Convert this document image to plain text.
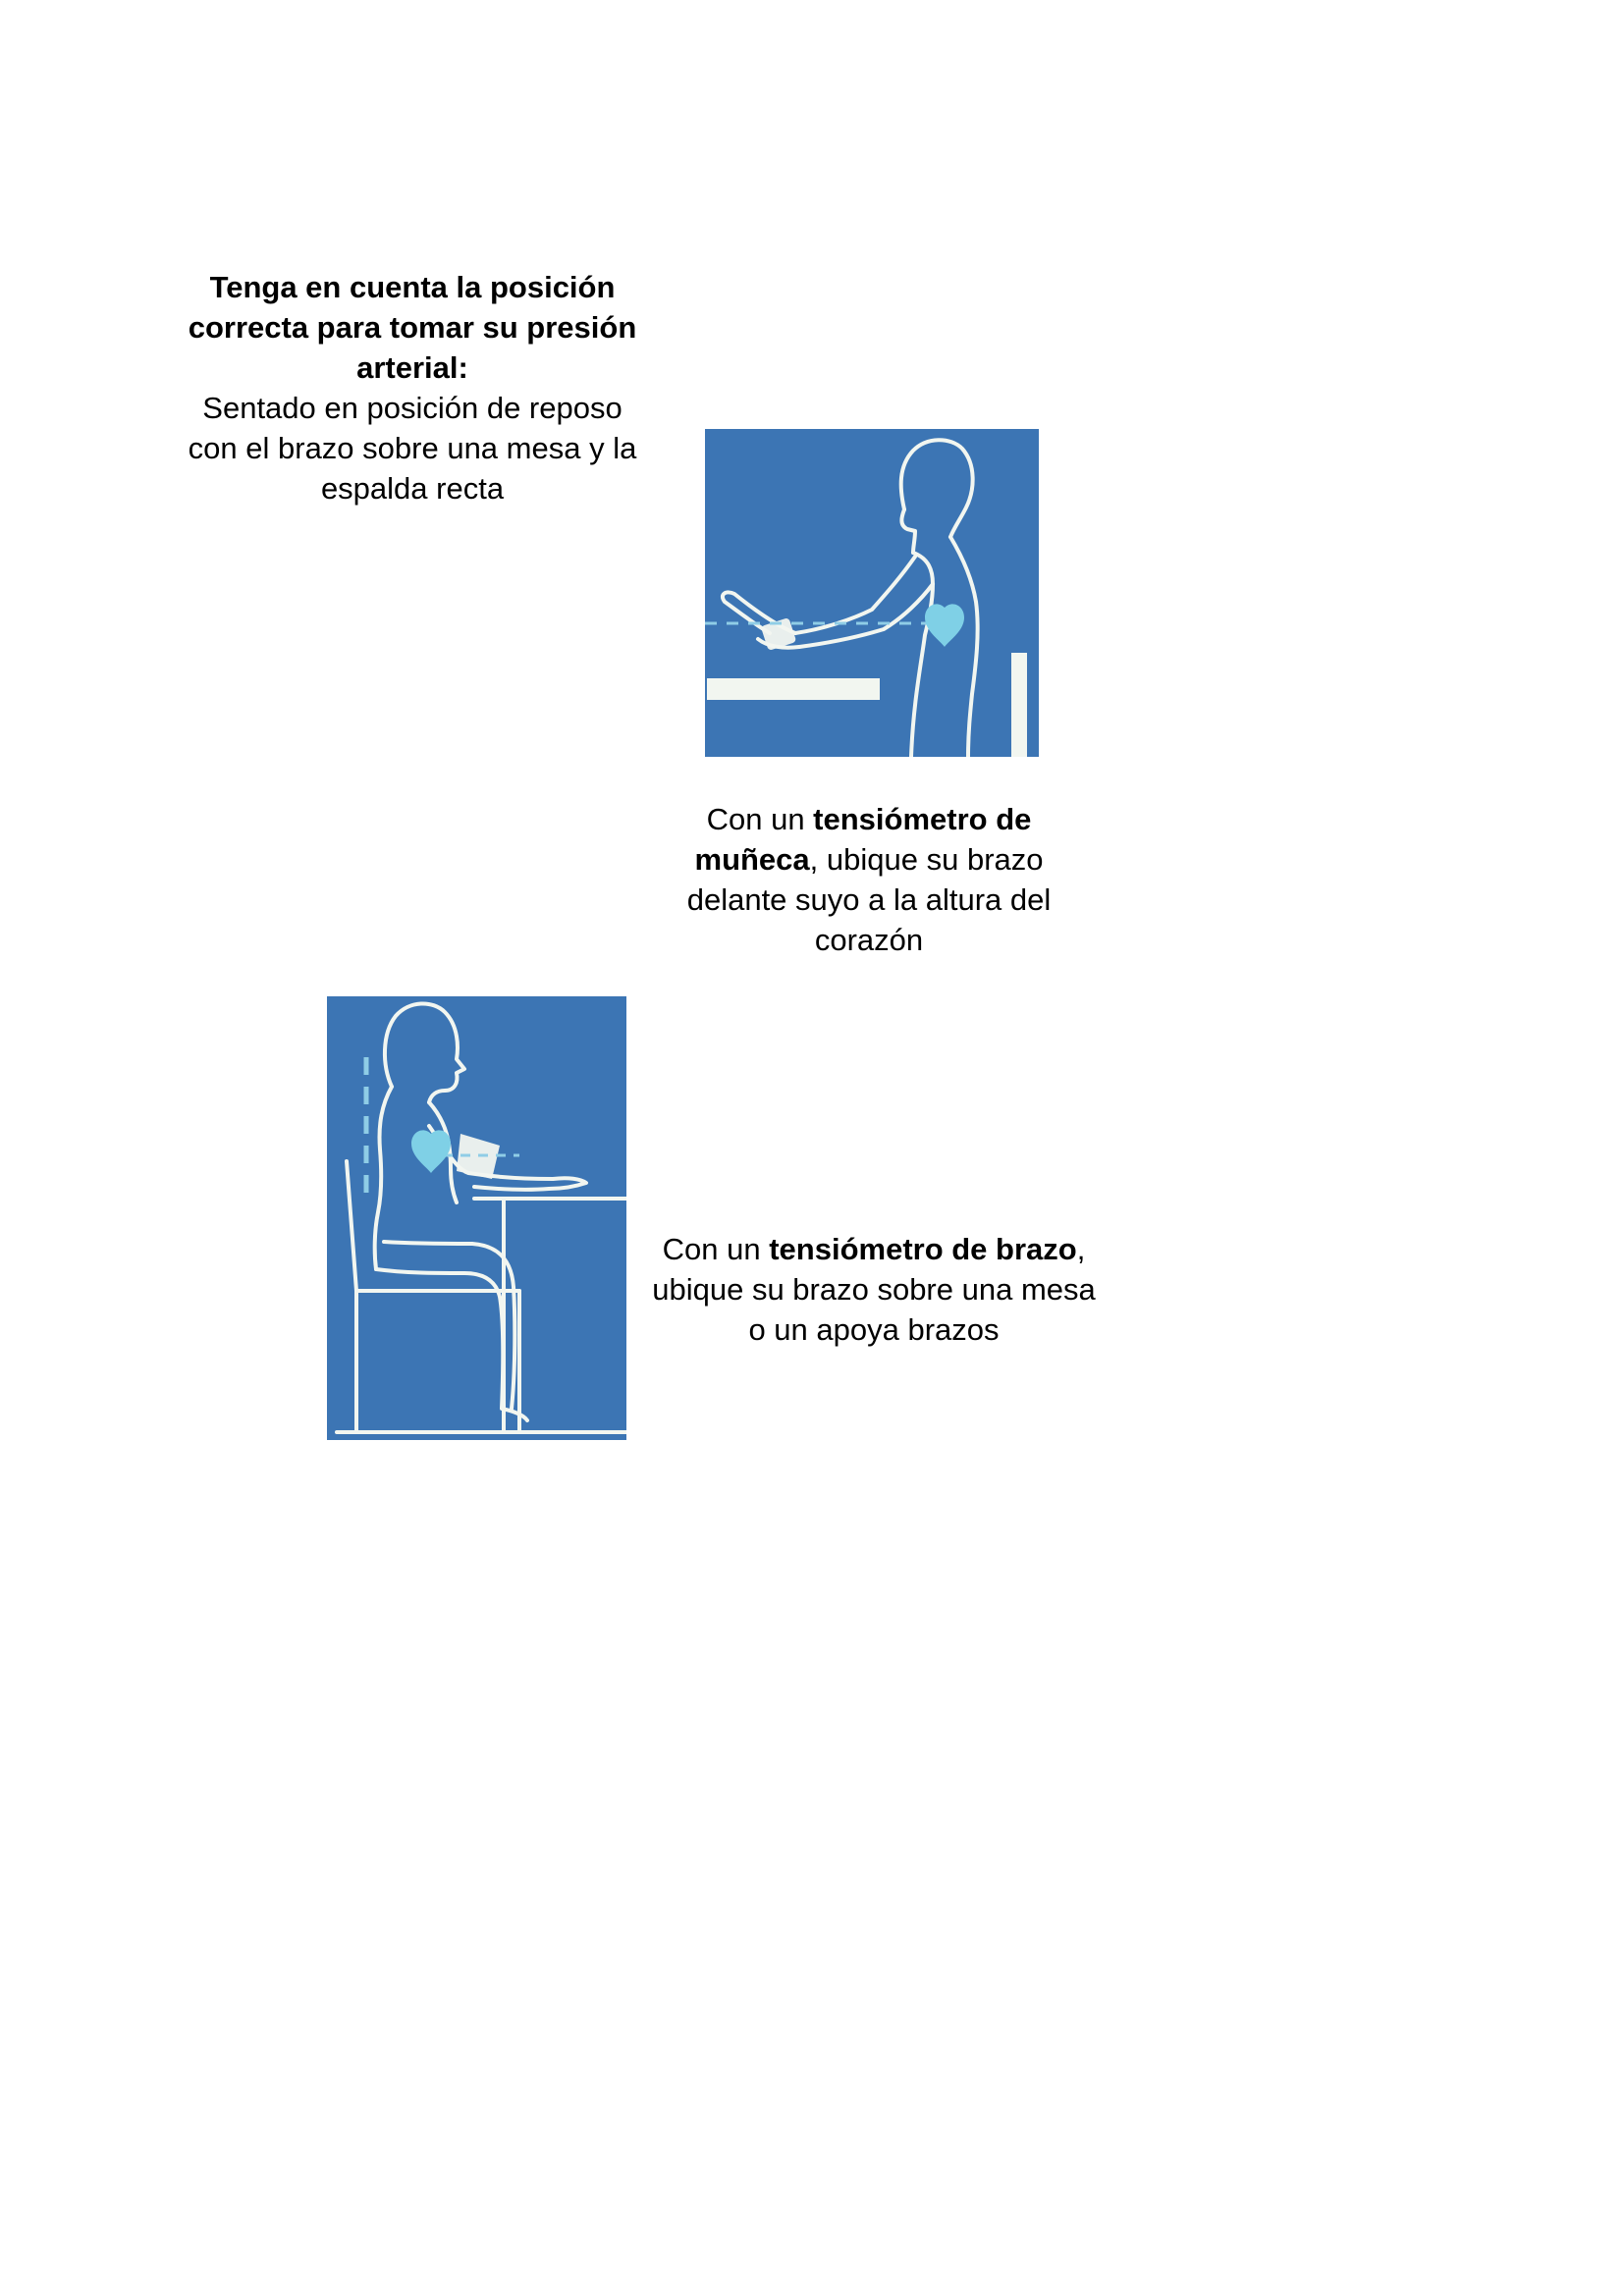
Tenga en cuenta la posición correcta para tomar su presión arterial:
Sentado en posición de reposo con el brazo sobre una mesa y la espalda recta
Con un tensiómetro de muñeca, ubique su brazo delante suyo a la altura del corazón
Con un tensiómetro de brazo, ubique su brazo sobre una mesa o un apoya brazos
